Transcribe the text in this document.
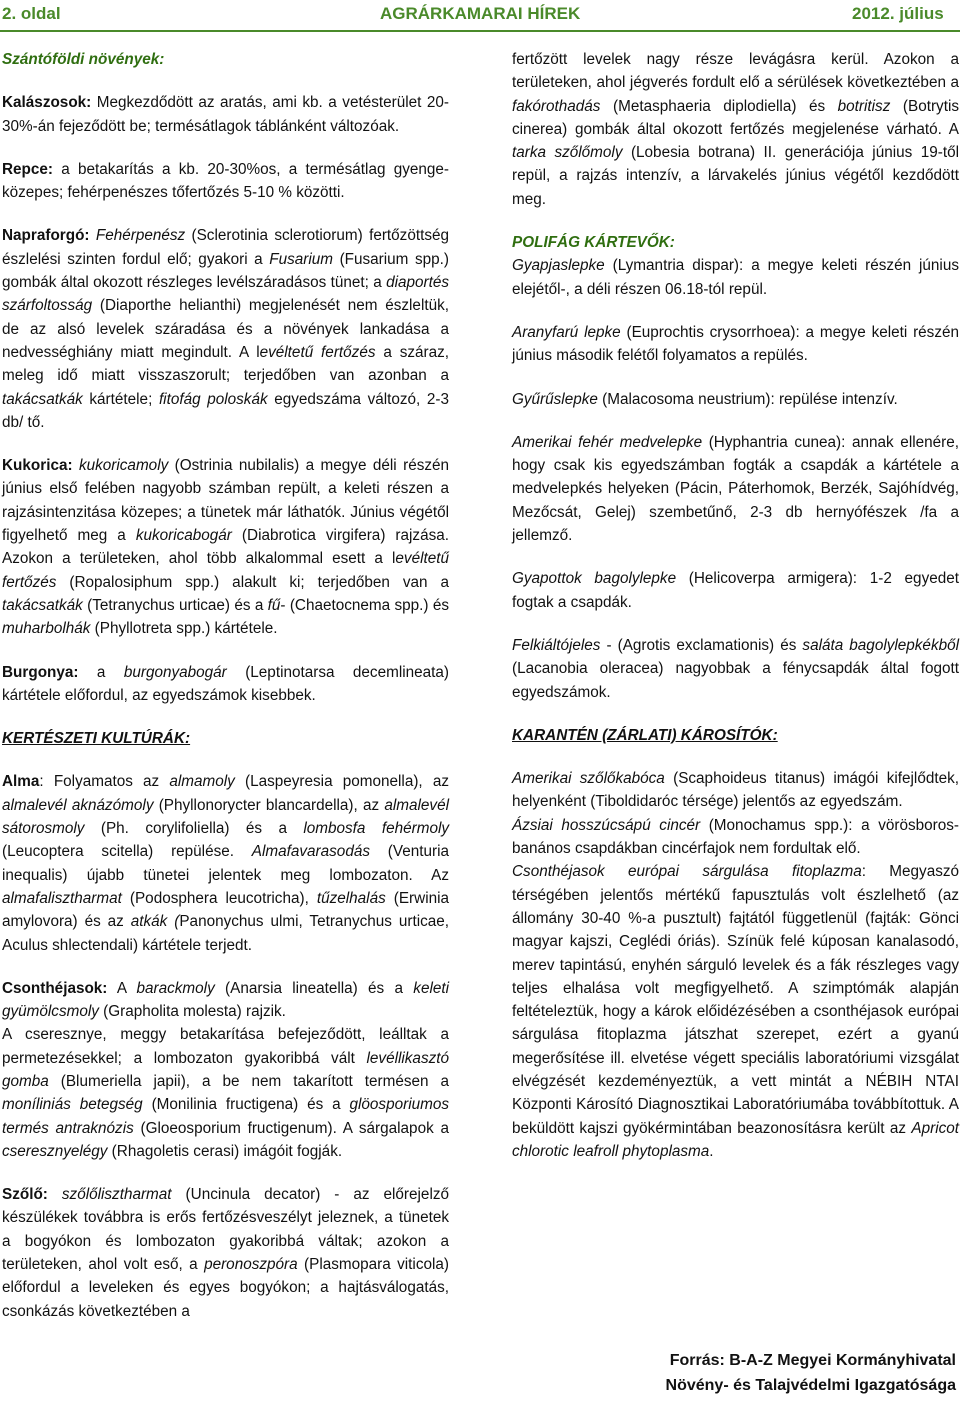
2. oldal	AGRÁRKAMARAI HÍREK	2012. július

Szántóföldi növények:

Kalászosok: Megkezdődött az aratás, ami kb. a vetésterület 20-30%-án fejeződött be; termésátlagok táblánként változóak.

Repce: a betakarítás a kb. 20-30%os, a termésátlag gyenge-közepes; fehérpenészes tőfertőzés 5-10 % közötti.

Napraforgó: Fehérpenész (Sclerotinia sclerotiorum) fertőzöttség észlelési szinten fordul elő; gyakori a Fusarium (Fusarium spp.) gombák által okozott részleges levélszáradásos tünet; a diaportés szárfoltosság (Diaporthe helianthi) megjelenését nem észleltük, de az alsó levelek száradása és a növények lankadása a nedvességhiány miatt megindult. A levéltetű fertőzés a száraz, meleg idő miatt visszaszorult; terjedőben van azonban a takácsatkák kártétele; fitofág poloskák egyedszáma változó, 2-3 db/ tő.

Kukorica: kukoricamoly (Ostrinia nubilalis) a megye déli részén június első felében nagyobb számban repült, a keleti részen a rajzásintenzitása közepes; a tünetek már láthatók. Június végétől figyelhető meg a kukoricabogár (Diabrotica virgifera) rajzása. Azokon a területeken, ahol több alkalommal esett a levéltetű fertőzés (Ropalosiphum spp.) alakult ki; terjedőben van a takácsatkák (Tetranychus urticae) és a fű- (Chaetocnema spp.) és muharbolhák (Phyllotreta spp.) kártétele.

Burgonya: a burgonyabogár (Leptinotarsa decemlineata) kártétele előfordul, az egyedszámok kisebbek.

KERTÉSZETI KULTÚRÁK:

Alma: Folyamatos az almamoly (Laspeyresia pomonella), az almalevél aknázómoly (Phyllonorycter blancardella), az almalevél sátorosmoly (Ph. corylifoliella) és a lombosfa fehérmoly (Leucoptera scitella) repülése. Almafavarasodás (Venturia inequalis) újabb tünetei jelentek meg lombozaton. Az almafalisztharmat (Podosphera leucotricha), tűzelhalás (Erwinia amylovora) és az atkák (Panonychus ulmi, Tetranychus urticae, Aculus shlectendali) kártétele terjedt.

Csonthéjasok: A barackmoly (Anarsia lineatella) és a keleti gyümölcsmoly (Grapholita molesta) rajzik.

A cseresznye, meggy betakarítása befejeződött, leálltak a permetezésekkel; a lombozaton gyakoribbá vált levéllikasztó gomba (Blumeriella japii), a be nem takarított termésen a moníliniás betegség (Monilinia fructigena) és a glöosporiumos termés antraknózis (Gloeosporium fructigenum). A sárgalapok a cseresznyelégy (Rhagoletis cerasi) imágóit fogják.

Szőlő: szőlőlisztharmat (Uncinula decator) - az előrejelző készülékek továbbra is erős fertőzésveszélyt jeleznek, a tünetek a bogyókon és lombozaton gyakoribbá váltak; azokon a területeken, ahol volt eső, a peronoszpóra (Plasmopara viticola) előfordul a leveleken és egyes bogyókon; a hajtásválogatás, csonkázás következtében a

fertőzött levelek nagy része levágásra kerül. Azokon a területeken, ahol jégverés fordult elő a sérülések következtében a fakórothadás (Metasphaeria diplodiella) és botritisz (Botrytis cinerea) gombák által okozott fertőzés megjelenése várható. A tarka szőlőmoly (Lobesia botrana) II. generációja június 19-től repül, a rajzás intenzív, a lárvakelés június végétől kezdődött meg.

POLIFÁG KÁRTEVŐK:

Gyapjaslepke (Lymantria dispar): a megye keleti részén június elejétől-, a déli részen 06.18-tól repül.

Aranyfarú lepke (Euprochtis crysorrhoea): a megye keleti részén június második felétől folyamatos a repülés.

Gyűrűslepke (Malacosoma neustrium): repülése intenzív.

Amerikai fehér medvelepke (Hyphantria cunea): annak ellenére, hogy csak kis egyedszámban fogták a csapdák a kártétele a medvelepkés helyeken (Pácin, Páterhomok, Berzék, Sajóhídvég, Mezőcsát, Gelej) szembetűnő, 2-3 db hernyófészek /fa a jellemző.

Gyapottok bagolylepke (Helicoverpa armigera): 1-2 egyedet fogtak a csapdák.

Felkiáltójeles - (Agrotis exclamationis) és saláta bagolylepkékből (Lacanobia oleracea) nagyobbak a fénycsapdák által fogott egyedszámok.

KARANTÉN (ZÁRLATI) KÁROSÍTÓK:

Amerikai szőlőkabóca (Scaphoideus titanus) imágói kifejlődtek, helyenként (Tiboldidaróc térsége) jelentős az egyedszám.

Ázsiai hosszúcsápú cincér (Monochamus spp.): a vörösboros-banános csapdákban cincérfajok nem fordultak elő.

Csonthéjasok európai sárgulása fitoplazma: Megyaszó térségében jelentős mértékű fapusztulás volt észlelhető (az állomány 30-40 %-a pusztult) fajtától függetlenül (fajták: Gönci magyar kajszi, Ceglédi óriás). Színük felé kúposan kanalasodó, merev tapintású, enyhén sárguló levelek és a fák részleges vagy teljes elhalása volt megfigyelhető. A szimptómák alapján feltételeztük, hogy a károk előidézésében a csonthéjasok európai sárgulása fitoplazma játszhat szerepet, ezért a gyanú megerősítése ill. elvetése végett speciális laboratóriumi vizsgálat elvégzését kezdeményeztük, a vett mintát a NÉBIH NTAI Központi Károsító Diagnosztikai Laboratóriumába továbbítottuk. A beküldött kajszi gyökérmintában beazonosításra került az Apricot chlorotic leafroll phytoplasma.

Forrás: B-A-Z Megyei Kormányhivatal
Növény- és Talajvédelmi Igazgatósága
